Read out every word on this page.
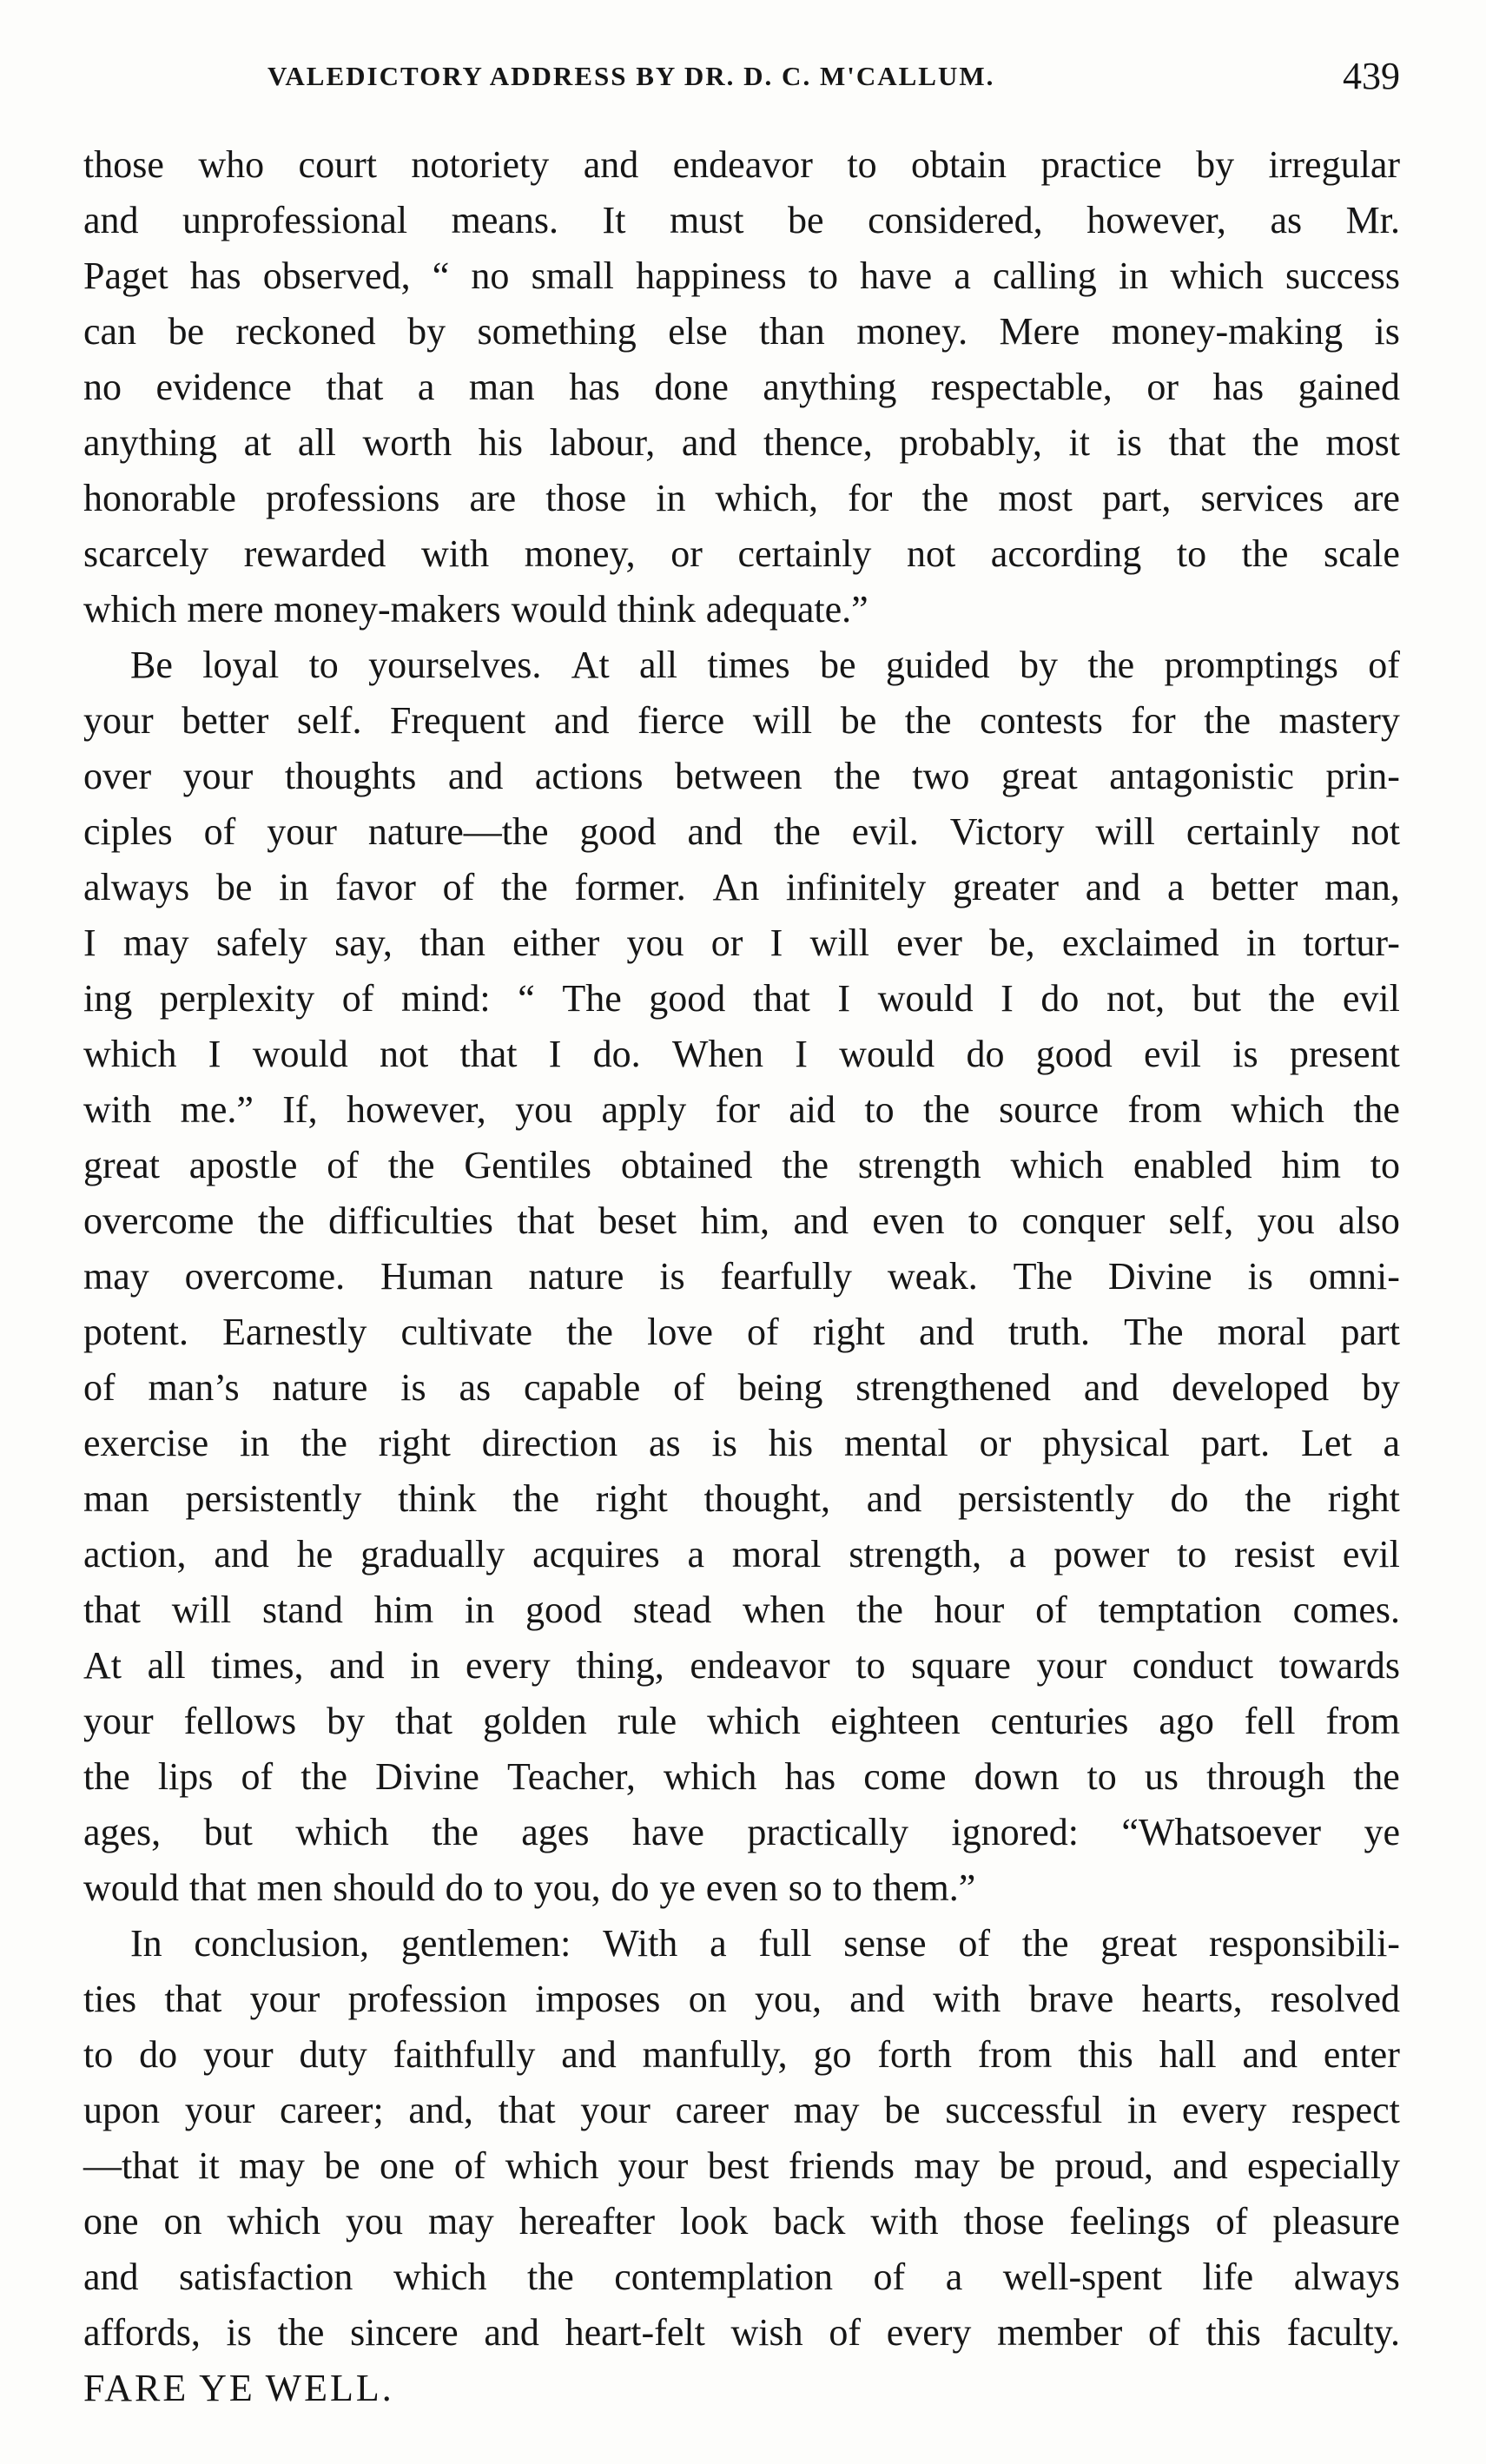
VALEDICTORY ADDRESS BY DR. D. C. M'CALLUM.	439
those who court notoriety and endeavor to obtain practice by irregular
and unprofessional means. It must be considered, however, as Mr.
Paget has observed, “ no small happiness to have a calling in which success
can be reckoned by something else than money. Mere money-making is
no evidence that a man has done anything respectable, or has gained
anything at all worth his labour, and thence, probably, it is that the most
honorable professions are those in which, for the most part, services are
scarcely rewarded with money, or certainly not according to the scale
which mere money-makers would think adequate.”
Be loyal to yourselves. At all times be guided by the promptings of
your better self. Frequent and fierce will be the contests for the mastery
over your thoughts and actions between the two great antagonistic prin-
ciples of your nature—the good and the evil. Victory will certainly not
always be in favor of the former. An infinitely greater and a better man,
I may safely say, than either you or I will ever be, exclaimed in tortur-
ing perplexity of mind: “ The good that I would I do not, but the evil
which I would not that I do. When I would do good evil is present
with me.” If, however, you apply for aid to the source from which the
great apostle of the Gentiles obtained the strength which enabled him to
overcome the difficulties that beset him, and even to conquer self, you also
may overcome. Human nature is fearfully weak. The Divine is omni-
potent. Earnestly cultivate the love of right and truth. The moral part
of man’s nature is as capable of being strengthened and developed by
exercise in the right direction as is his mental or physical part. Let a
man persistently think the right thought, and persistently do the right
action, and he gradually acquires a moral strength, a power to resist evil
that will stand him in good stead when the hour of temptation comes.
At all times, and in every thing, endeavor to square your conduct towards
your fellows by that golden rule which eighteen centuries ago fell from
the lips of the Divine Teacher, which has come down to us through the
ages, but which the ages have practically ignored: “Whatsoever ye
would that men should do to you, do ye even so to them.”
In conclusion, gentlemen: With a full sense of the great responsibili-
ties that your profession imposes on you, and with brave hearts, resolved
to do your duty faithfully and manfully, go forth from this hall and enter
upon your career; and, that your career may be successful in every respect
—that it may be one of which your best friends may be proud, and especially
one on which you may hereafter look back with those feelings of pleasure
and satisfaction which the contemplation of a well-spent life always
affords, is the sincere and heart-felt wish of every member of this faculty.
FARE YE WELL.
